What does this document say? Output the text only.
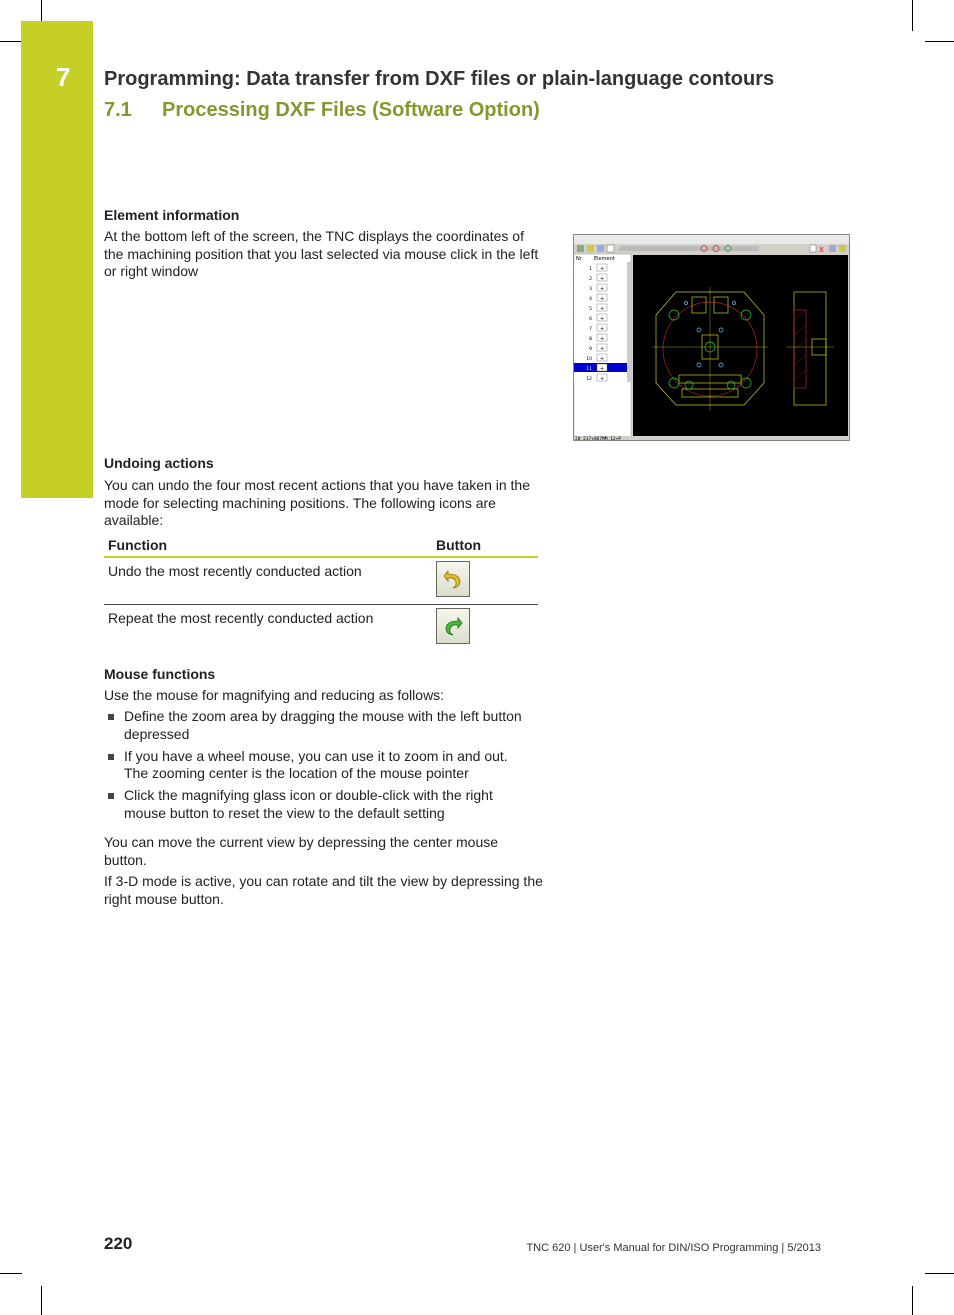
7 Programming: Data transfer from DXF files or plain-language contours
7.1 Processing DXF Files (Software Option)
Element information

At the bottom left of the screen, the TNC displays the coordinates of the machining position that you last selected via mouse click in the left or right window

X
Nr Element
1 +
2 +
3 +
4 +
5 +
6 +
7 +
8 +
9 +
10 +
11 +
12 +
20 217+067MM 12+P
Undoing actions

You can undo the four most recent actions that you have taken in the mode for selecting machining positions. The following icons are available:

Function	Button
Undo the most recently conducted action	

Repeat the most recently conducted action	
Mouse functions

Use the mouse for magnifying and reducing as follows:

Define the zoom area by dragging the mouse with the left button depressed
If you have a wheel mouse, you can use it to zoom in and out. The zooming center is the location of the mouse pointer
Click the magnifying glass icon or double-click with the right mouse button to reset the view to the default setting

You can move the current view by depressing the center mouse button.

If 3-D mode is active, you can rotate and tilt the view by depressing the right mouse button.

220	TNC 620 | User's Manual for DIN/ISO Programming | 5/2013
